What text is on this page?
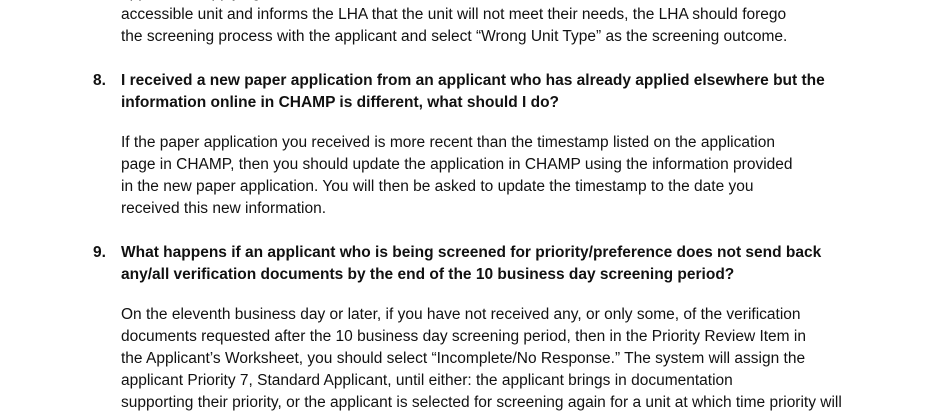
accessible unit and informs the LHA that the unit will not meet their needs, the LHA should forego
the screening process with the applicant and select “Wrong Unit Type” as the screening outcome.
8. I received a new paper application from an applicant who has already applied elsewhere but the
information online in CHAMP is different, what should I do?
If the paper application you received is more recent than the timestamp listed on the application
page in CHAMP, then you should update the application in CHAMP using the information provided
in the new paper application. You will then be asked to update the timestamp to the date you
received this new information.
9. What happens if an applicant who is being screened for priority/preference does not send back
any/all verification documents by the end of the 10 business day screening period?
On the eleventh business day or later, if you have not received any, or only some, of the verification
documents requested after the 10 business day screening period, then in the Priority Review Item in
the Applicant’s Worksheet, you should select “Incomplete/No Response.” The system will assign the
applicant Priority 7, Standard Applicant, until either: the applicant brings in documentation
supporting their priority, or the applicant is selected for screening again for a unit at which time priority will
